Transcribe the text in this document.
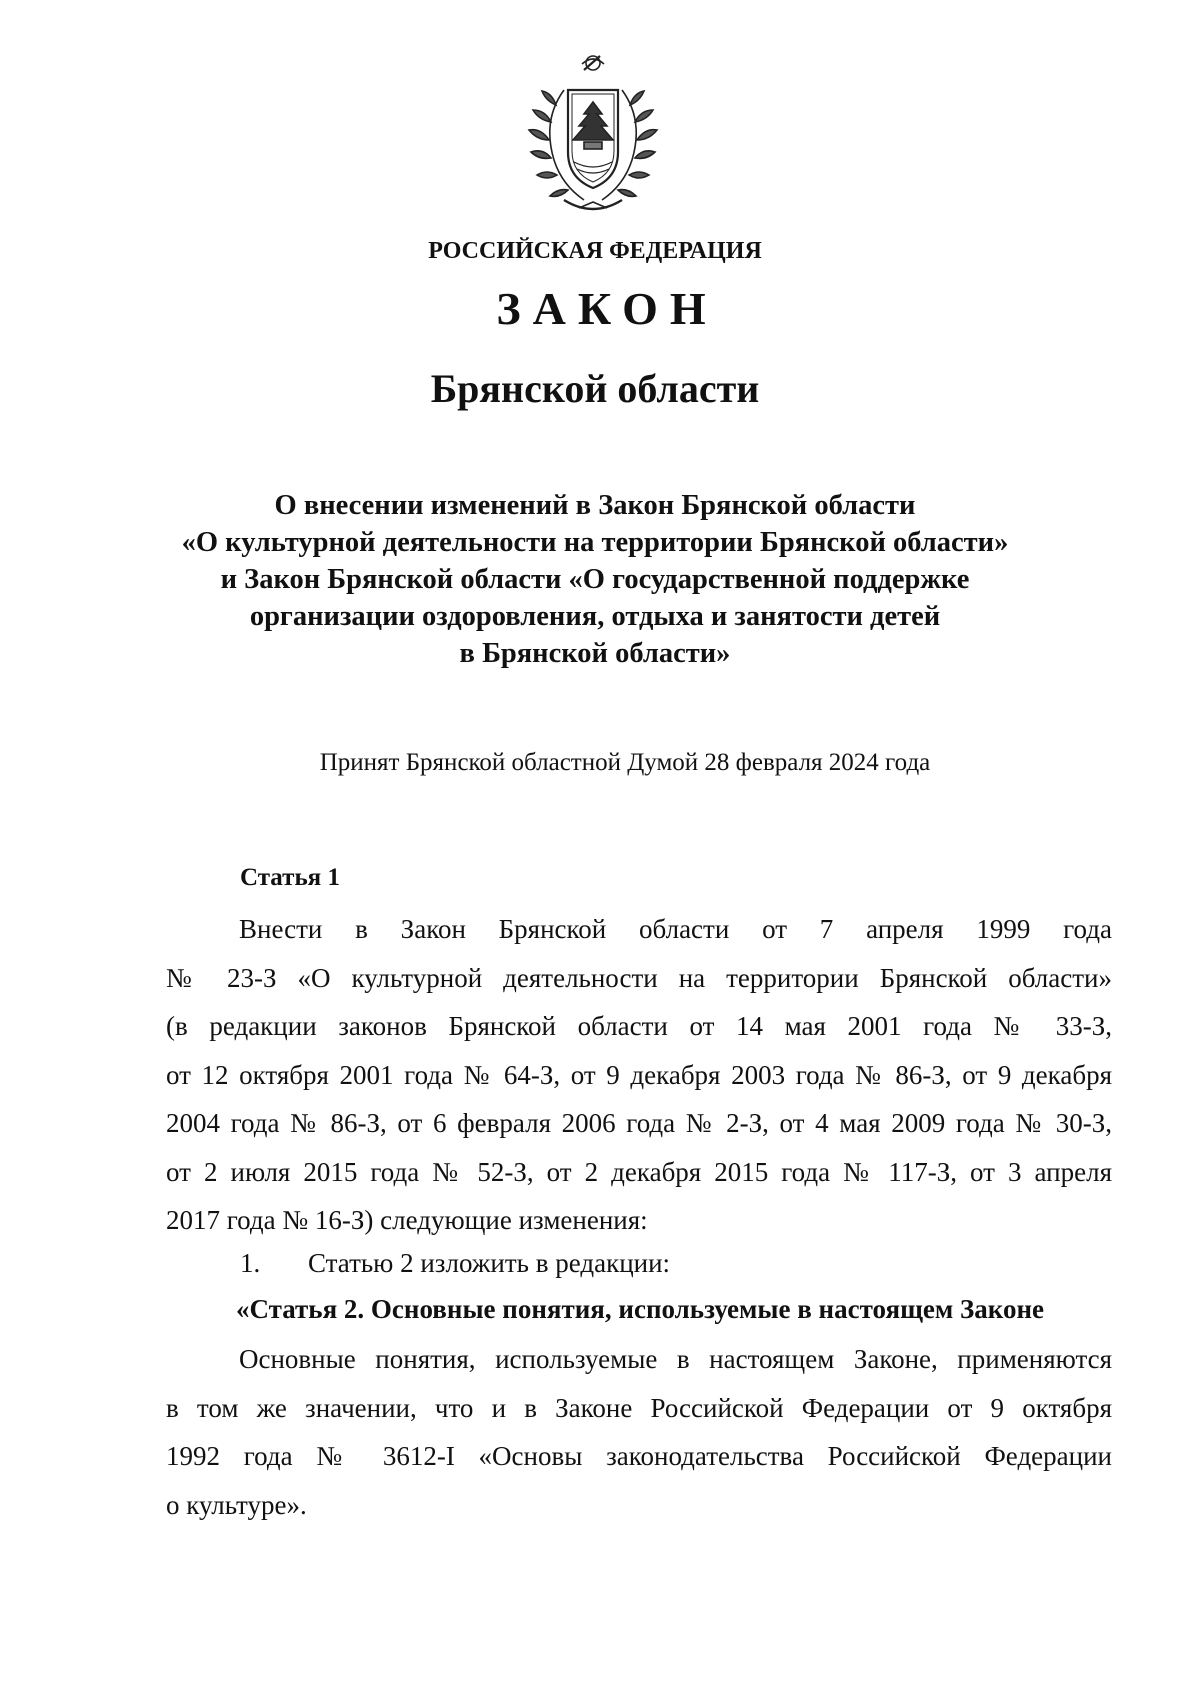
РОССИЙСКАЯ ФЕДЕРАЦИЯ
ЗАКОН
Брянской области
О внесении изменений в Закон Брянской области
«О культурной деятельности на территории Брянской области»
и Закон Брянской области «О государственной поддержке
организации оздоровления, отдыха и занятости детей
в Брянской области»
Принят Брянской областной Думой 28 февраля 2024 года
Статья 1
Внести в Закон Брянской области от 7 апреля 1999 года
№ 23-З «О культурной деятельности на территории Брянской области»
(в редакции законов Брянской области от 14 мая 2001 года № 33-З,
от 12 октября 2001 года № 64-З, от 9 декабря 2003 года № 86-З, от 9 декабря
2004 года № 86-З, от 6 февраля 2006 года № 2-З, от 4 мая 2009 года № 30-З,
от 2 июля 2015 года № 52-З, от 2 декабря 2015 года № 117-З, от 3 апреля
2017 года № 16-З) следующие изменения:
1. Статью 2 изложить в редакции:
«Статья 2. Основные понятия, используемые в настоящем Законе
Основные понятия, используемые в настоящем Законе, применяются
в том же значении, что и в Законе Российской Федерации от 9 октября
1992 года № 3612-I «Основы законодательства Российской Федерации
о культуре».
